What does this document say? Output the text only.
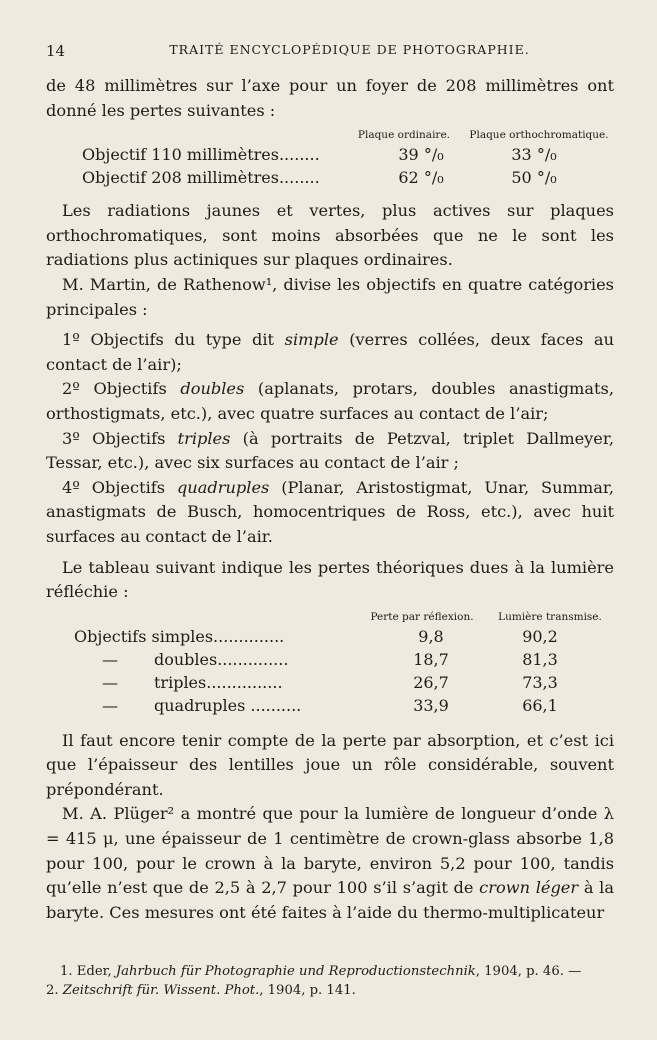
14	TRAITÉ ENCYCLOPÉDIQUE DE PHOTOGRAPHIE.

de 48 millimètres sur l’axe pour un foyer de 208 millimètres ont donné les pertes suivantes :

Plaque ordinaire.	Plaque orthochromatique.
Objectif 110 millimètres........	39 °/₀	33 °/₀
Objectif 208 millimètres........	62 °/₀	50 °/₀

Les radiations jaunes et vertes, plus actives sur plaques orthochromatiques, sont moins absorbées que ne le sont les radiations plus actiniques sur plaques ordinaires.

M. Martin, de Rathenow¹, divise les objectifs en quatre catégories principales :

1º Objectifs du type dit simple (verres collées, deux faces au contact de l’air);

2º Objectifs doubles (aplanats, protars, doubles anastigmats, orthostigmats, etc.), avec quatre surfaces au contact de l’air;

3º Objectifs triples (à portraits de Petzval, triplet Dallmeyer, Tessar, etc.), avec six surfaces au contact de l’air ;

4º Objectifs quadruples (Planar, Aristostigmat, Unar, Summar, anastigmats de Busch, homocentriques de Ross, etc.), avec huit surfaces au contact de l’air.

Le tableau suivant indique les pertes théoriques dues à la lumière réfléchie :

Perte par réflexion.	Lumière transmise.
Objectifs simples..............	9,8	90,2
—	doubles..............	18,7	81,3
—	triples...............	26,7	73,3
—	quadruples ..........	33,9	66,1

Il faut encore tenir compte de la perte par absorption, et c’est ici que l’épaisseur des lentilles joue un rôle considérable, souvent prépondérant.

M. A. Plüger² a montré que pour la lumière de longueur d’onde λ = 415 μ, une épaisseur de 1 centimètre de crown-glass absorbe 1,8 pour 100, pour le crown à la baryte, environ 5,2 pour 100, tandis qu’elle n’est que de 2,5 à 2,7 pour 100 s’il s’agit de crown léger à la baryte. Ces mesures ont été faites à l’aide du thermo-multiplicateur

1. Eder, Jahrbuch für Photographie und Reproductionstechnik, 1904, p. 46. —
2. Zeitschrift für. Wissent. Phot., 1904, p. 141.
